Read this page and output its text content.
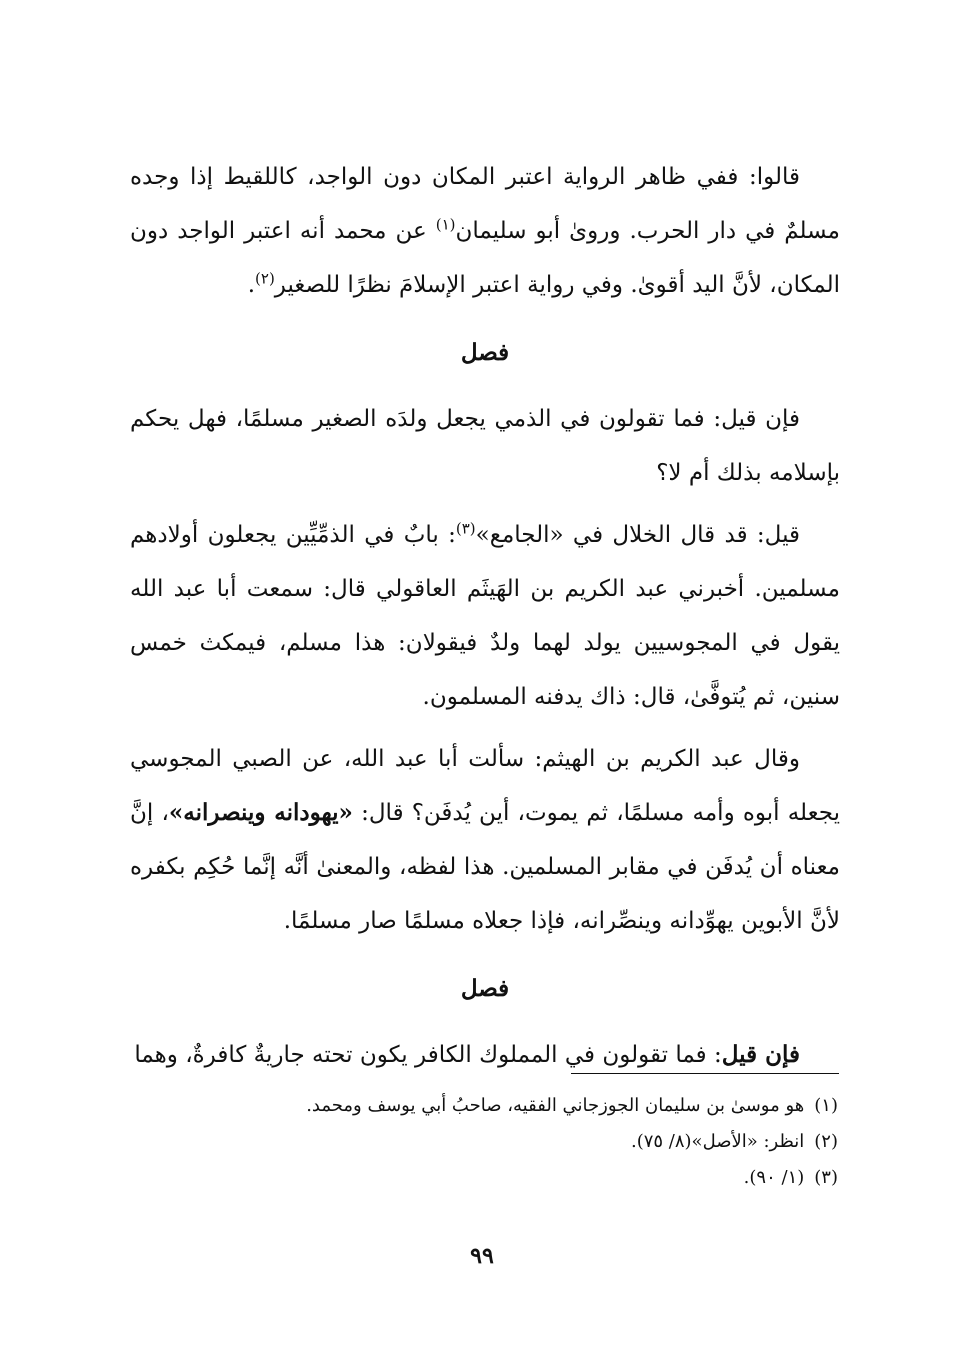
قالوا: ففي ظاهر الرواية اعتبر المكان دون الواجد، كاللقيط إذا وجده مسلمٌ في دار الحرب. وروىٰ أبو سليمان$^{(١)}$ عن محمد أنه اعتبر الواجد دون المكان، لأنَّ اليد أقوىٰ. وفي رواية اعتبر الإسلامَ نظرًا للصغير$^{(٢)}$.

فصل

فإن قيل: فما تقولون في الذمي يجعل ولدَه الصغير مسلمًا، فهل يحكم بإسلامه بذلك أم لا؟

قيل: قد قال الخلال في «الجامع»$^{(٣)}$: بابٌ في الذمِّيِّين يجعلون أولادهم مسلمين. أخبرني عبد الكريم بن الهَيثَم العاقولي قال: سمعت أبا عبد الله يقول في المجوسيين يولد لهما ولدٌ فيقولان: هذا مسلم، فيمكث خمس سنين، ثم يُتوفَّىٰ، قال: ذاك يدفنه المسلمون.

وقال عبد الكريم بن الهيثم: سألت أبا عبد الله، عن الصبي المجوسي يجعله أبوه وأمه مسلمًا، ثم يموت، أين يُدفَن؟ قال: «يهودانه وينصرانه»، إنَّ معناه أن يُدفَن في مقابر المسلمين. هذا لفظه، والمعنىٰ أنَّه إنَّما حُكِم بكفره لأنَّ الأبوين يهوِّدانه وينصِّرانه، فإذا جعلاه مسلمًا صار مسلمًا.

فصل

فإن قيل: فما تقولون في المملوك الكافر يكون تحته جاريةٌ كافرةٌ، وهما

(١)هو موسىٰ بن سليمان الجوزجاني الفقيه، صاحبُ أبي يوسف ومحمد.

(٢)انظر: «الأصل»(٨/ ٧٥).

(٣)(١/ ٩٠).

٩٩
